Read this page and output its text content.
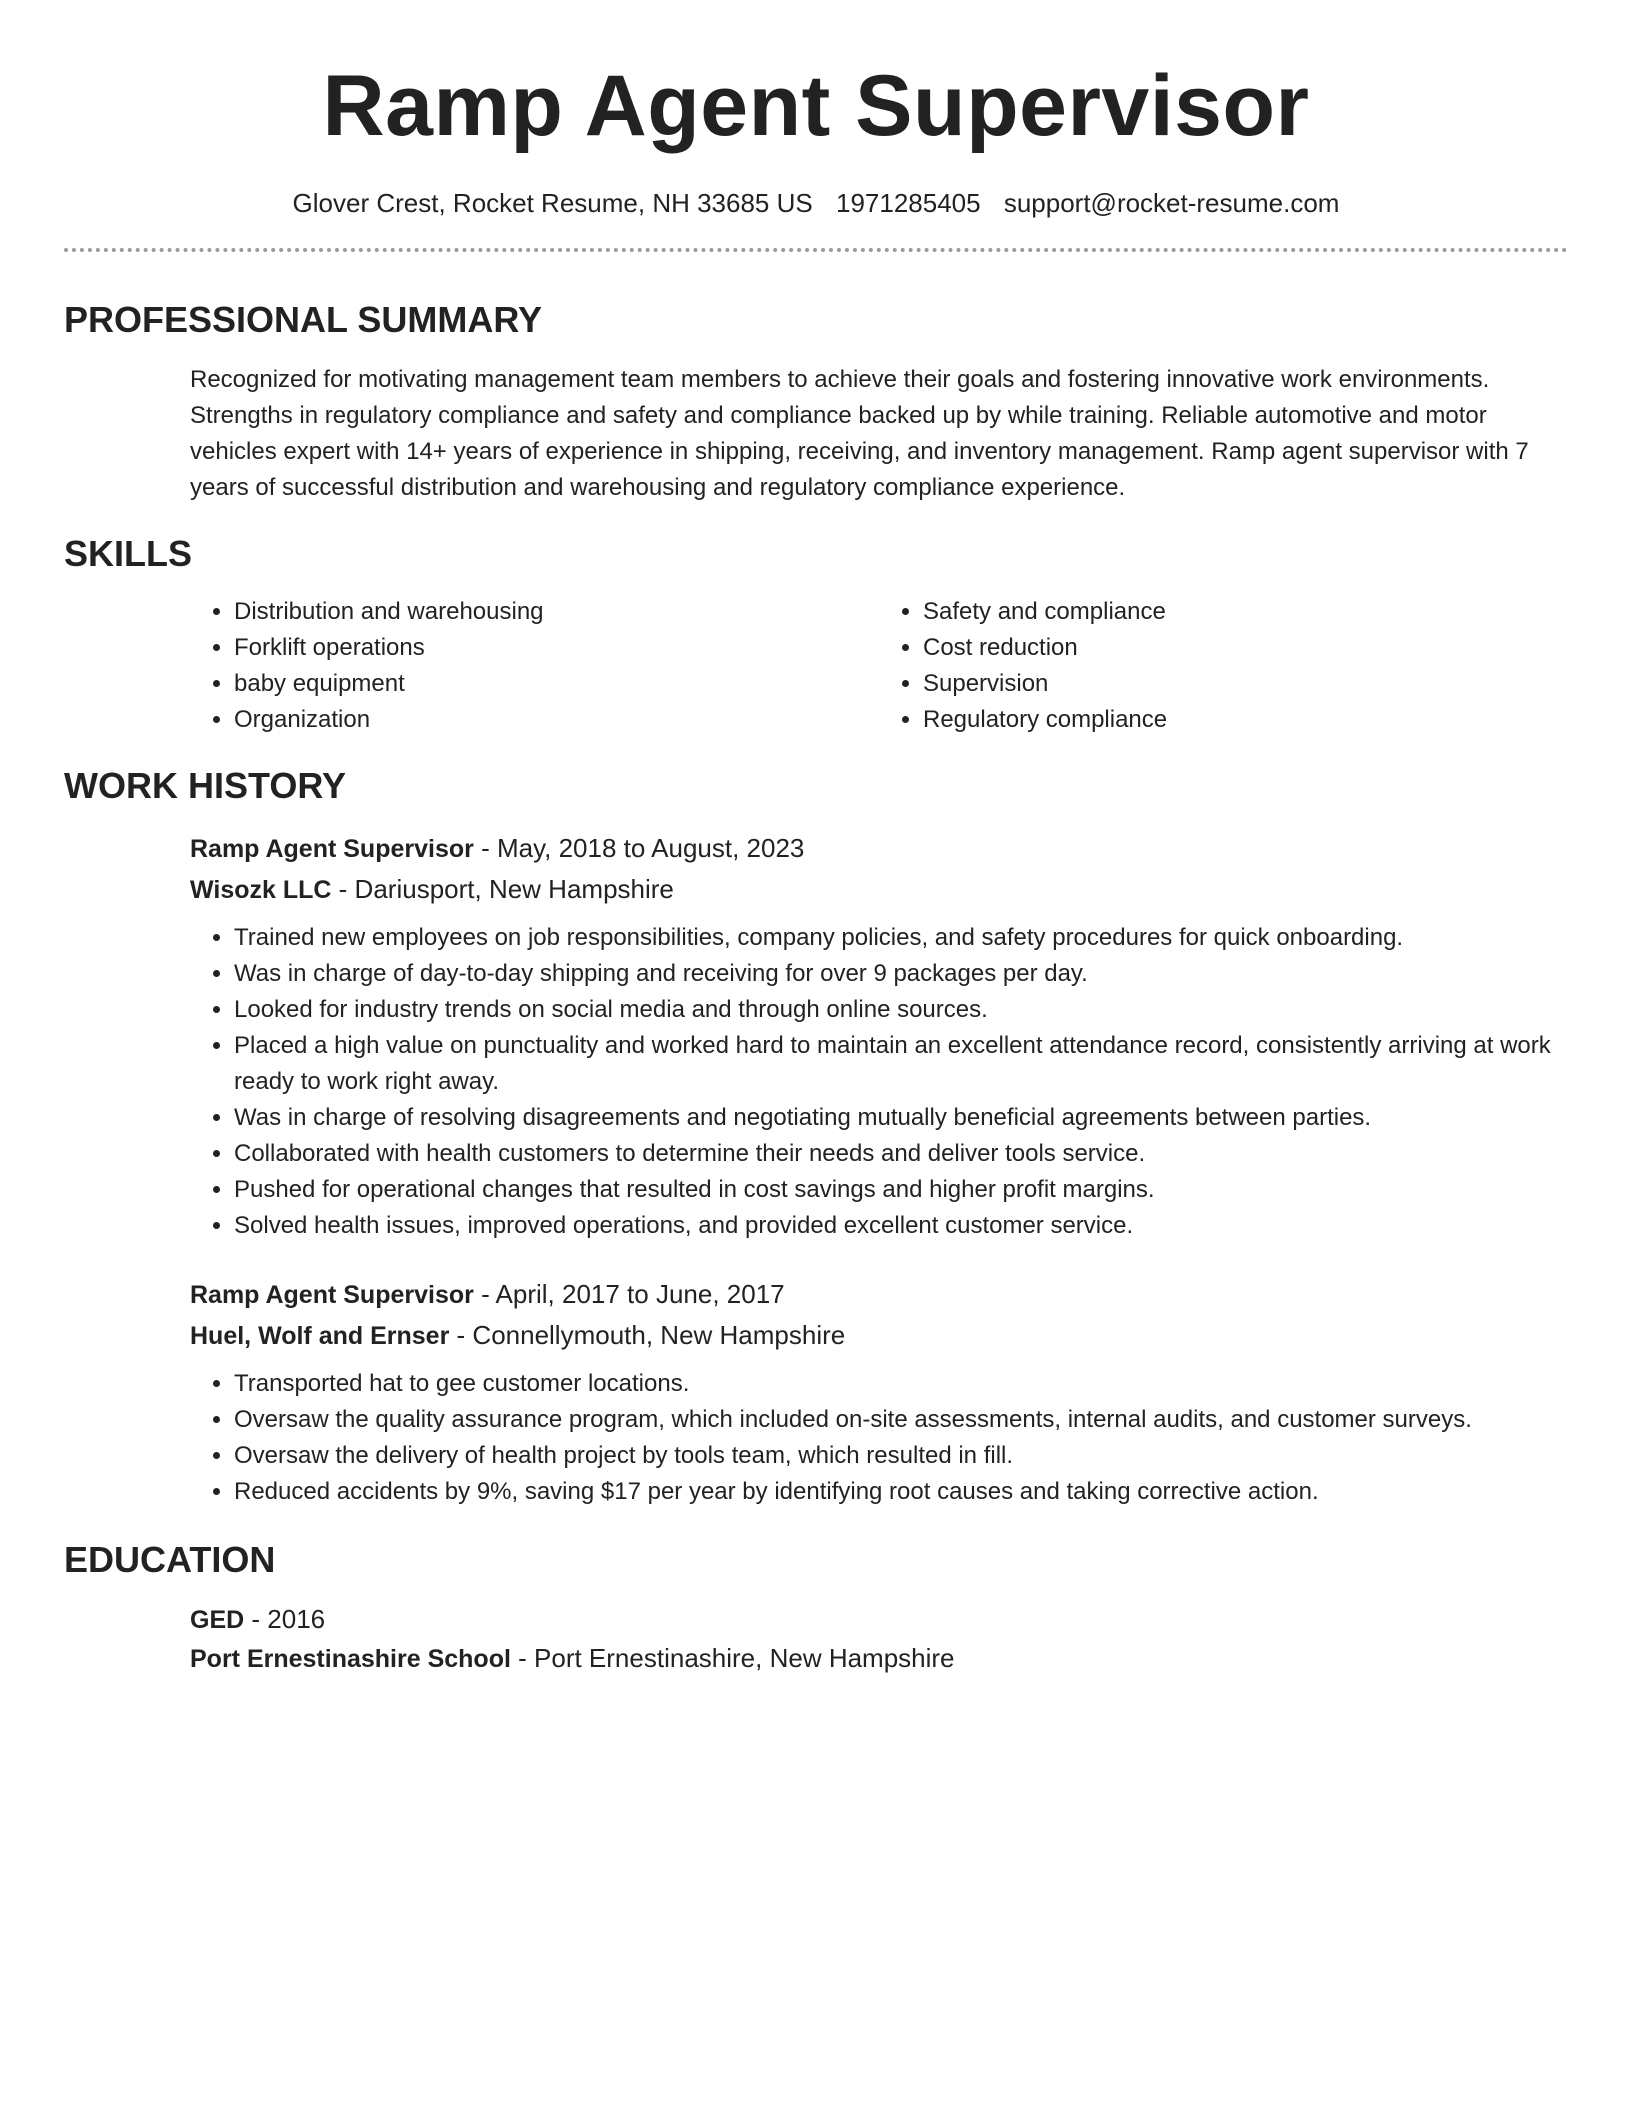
Ramp Agent Supervisor
Glover Crest, Rocket Resume, NH 33685 US 1971285405 support@rocket-resume.com
PROFESSIONAL SUMMARY
Recognized for motivating management team members to achieve their goals and fostering innovative work environments. Strengths in regulatory compliance and safety and compliance backed up by while training. Reliable automotive and motor vehicles expert with 14+ years of experience in shipping, receiving, and inventory management. Ramp agent supervisor with 7 years of successful distribution and warehousing and regulatory compliance experience.
SKILLS
• Distribution and warehousing
• Forklift operations
• baby equipment
• Organization
• Safety and compliance
• Cost reduction
• Supervision
• Regulatory compliance
WORK HISTORY
Ramp Agent Supervisor - May, 2018 to August, 2023
Wisozk LLC - Dariusport, New Hampshire
• Trained new employees on job responsibilities, company policies, and safety procedures for quick onboarding.
• Was in charge of day-to-day shipping and receiving for over 9 packages per day.
• Looked for industry trends on social media and through online sources.
• Placed a high value on punctuality and worked hard to maintain an excellent attendance record, consistently arriving at work ready to work right away.
• Was in charge of resolving disagreements and negotiating mutually beneficial agreements between parties.
• Collaborated with health customers to determine their needs and deliver tools service.
• Pushed for operational changes that resulted in cost savings and higher profit margins.
• Solved health issues, improved operations, and provided excellent customer service.
Ramp Agent Supervisor - April, 2017 to June, 2017
Huel, Wolf and Ernser - Connellymouth, New Hampshire
• Transported hat to gee customer locations.
• Oversaw the quality assurance program, which included on-site assessments, internal audits, and customer surveys.
• Oversaw the delivery of health project by tools team, which resulted in fill.
• Reduced accidents by 9%, saving $17 per year by identifying root causes and taking corrective action.
EDUCATION
GED - 2016
Port Ernestinashire School - Port Ernestinashire, New Hampshire
